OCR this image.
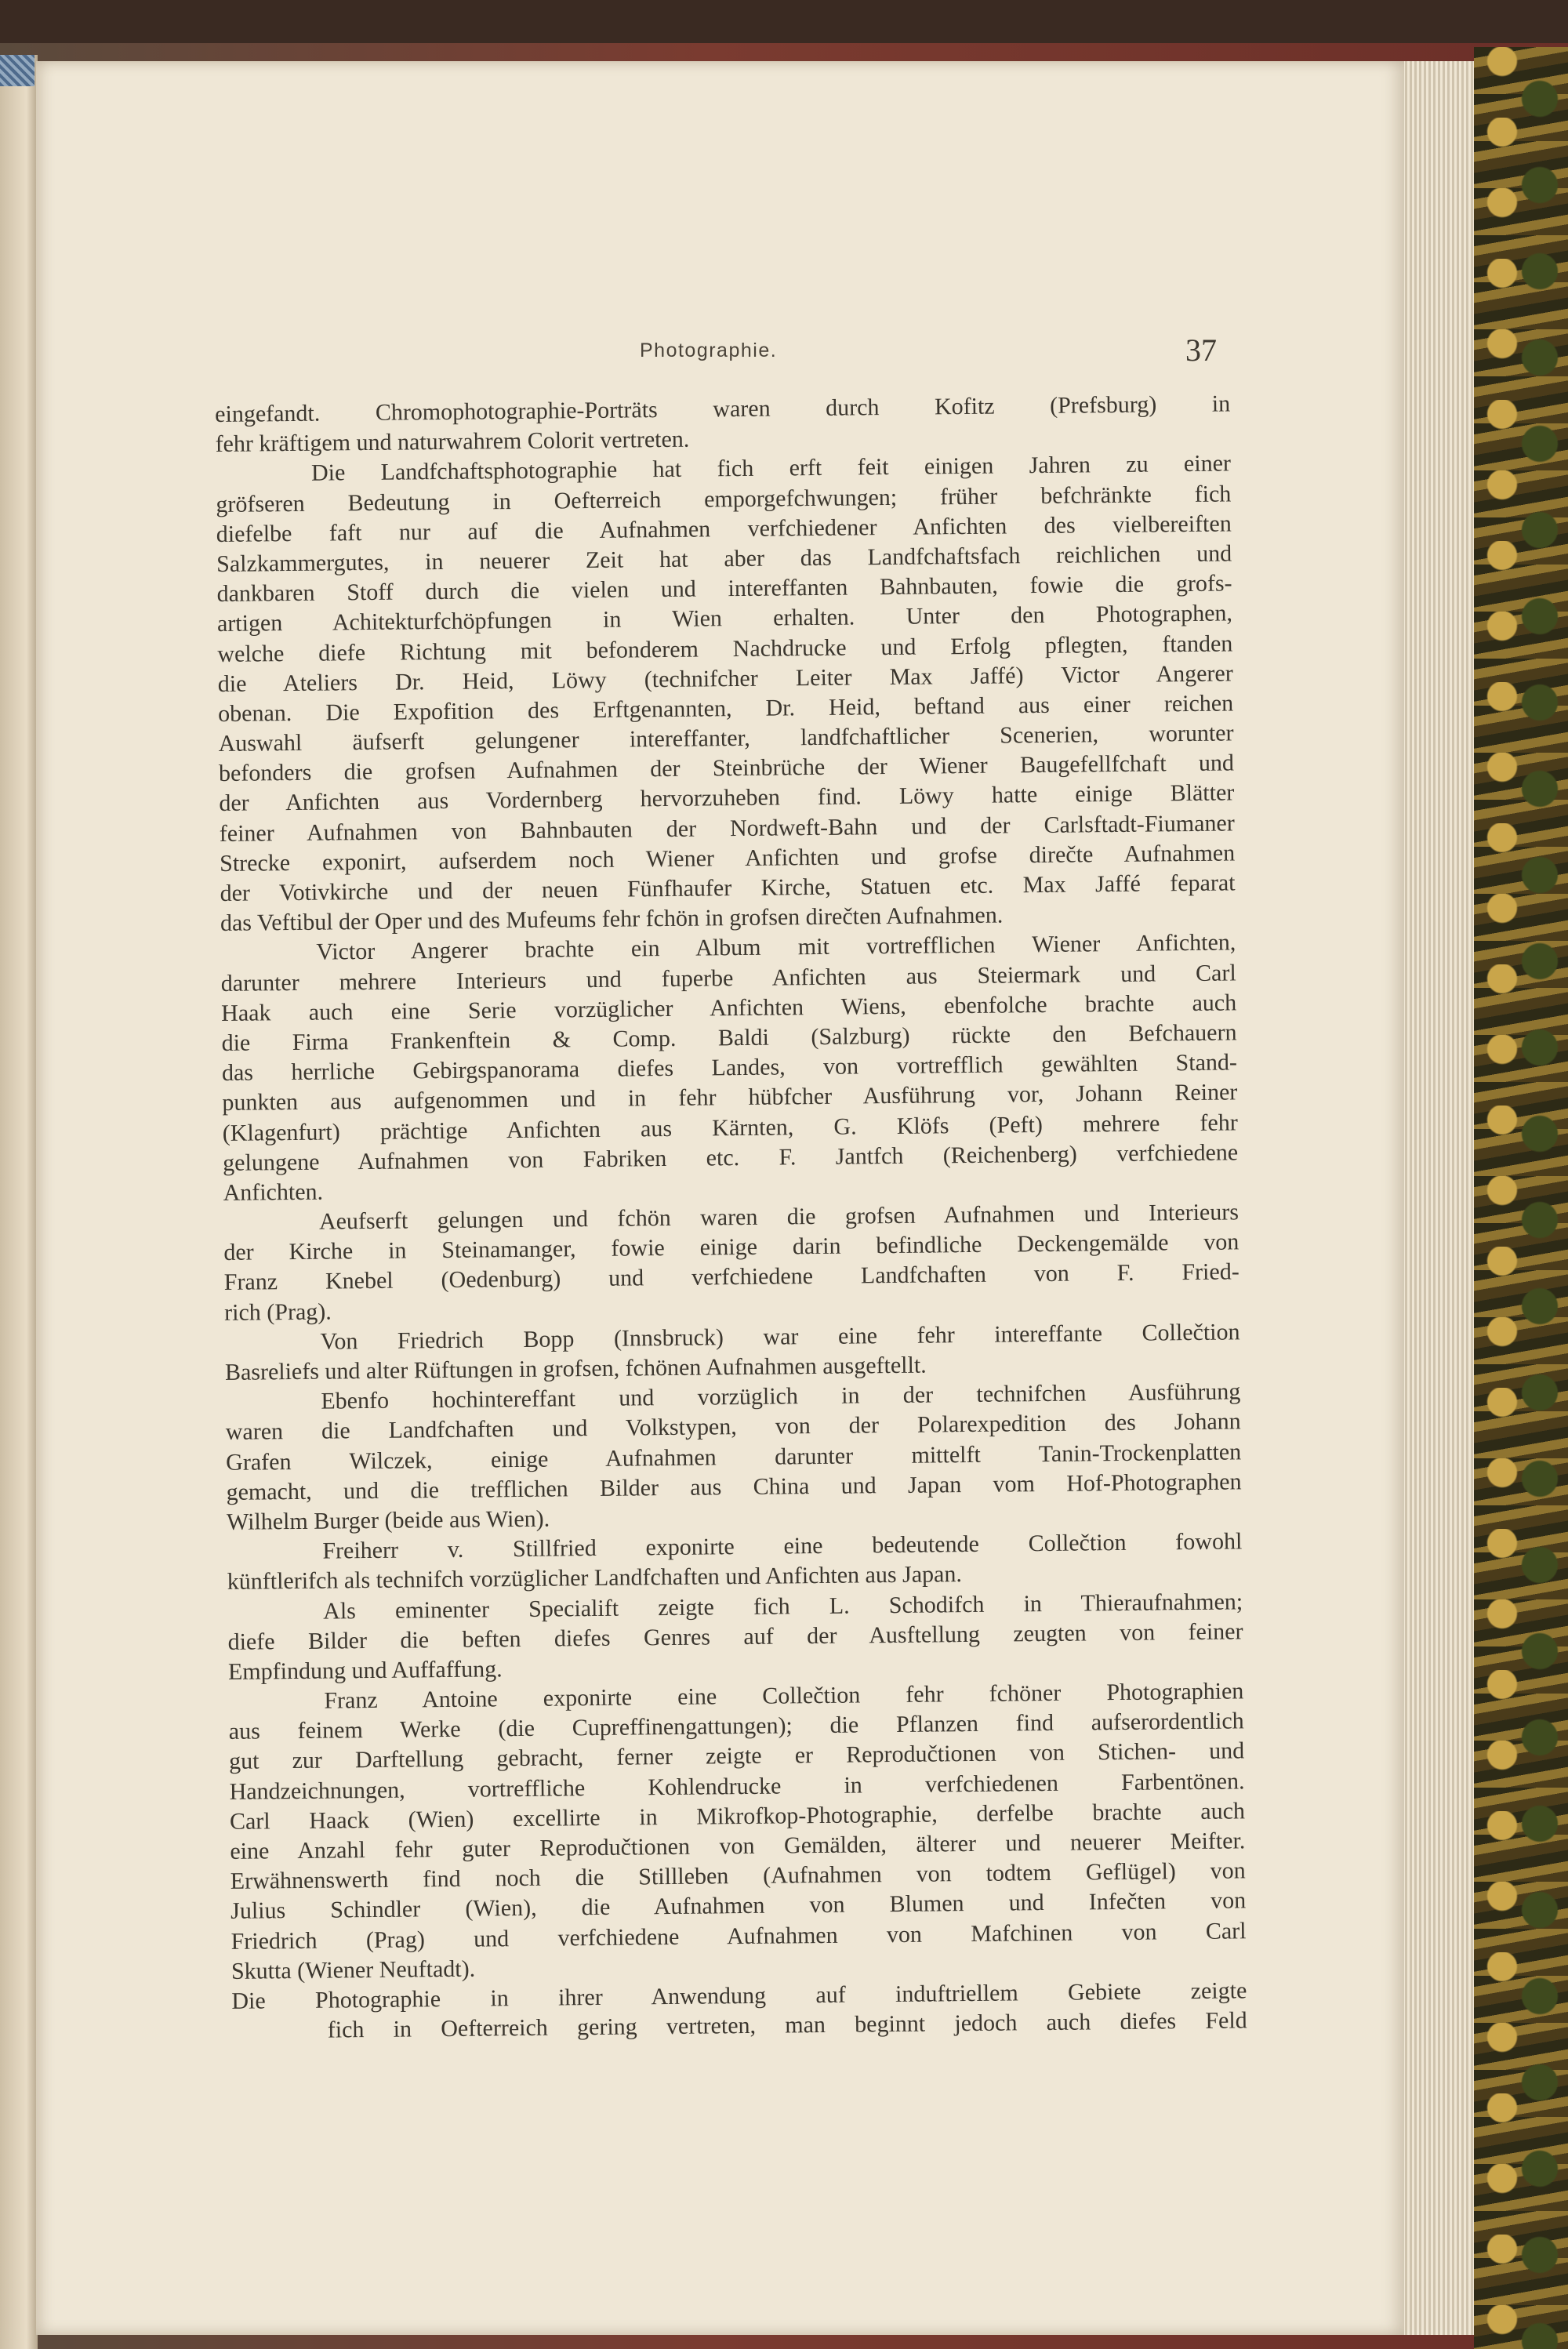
Photographie.	37
eingefandt. Chromophotographie-Porträts waren durch Kofitz (Prefsburg) in
fehr kräftigem und naturwahrem Colorit vertreten.
Die Landfchaftsphotographie hat fich erft feit einigen Jahren zu einer
gröfseren Bedeutung in Oefterreich emporgefchwungen; früher befchränkte fich
diefelbe faft nur auf die Aufnahmen verfchiedener Anfichten des vielbereiften
Salzkammergutes, in neuerer Zeit hat aber das Landfchaftsfach reichlichen und
dankbaren Stoff durch die vielen und intereffanten Bahnbauten, fowie die grofs-
artigen Achitekturfchöpfungen in Wien erhalten. Unter den Photographen,
welche diefe Richtung mit befonderem Nachdrucke und Erfolg pflegten, ftanden
die Ateliers Dr. Heid, Löwy (technifcher Leiter Max Jaffé) Victor Angerer
obenan. Die Expofition des Erftgenannten, Dr. Heid, beftand aus einer reichen
Auswahl äufserft gelungener intereffanter, landfchaftlicher Scenerien, worunter
befonders die grofsen Aufnahmen der Steinbrüche der Wiener Baugefellfchaft und
der Anfichten aus Vordernberg hervorzuheben find. Löwy hatte einige Blätter
feiner Aufnahmen von Bahnbauten der Nordweft-Bahn und der Carlsftadt-Fiumaner
Strecke exponirt, aufserdem noch Wiener Anfichten und grofse direčte Aufnahmen
der Votivkirche und der neuen Fünfhaufer Kirche, Statuen etc. Max Jaffé feparat
das Veftibul der Oper und des Mufeums fehr fchön in grofsen direčten Aufnahmen.
Victor Angerer brachte ein Album mit vortrefflichen Wiener Anfichten,
darunter mehrere Interieurs und fuperbe Anfichten aus Steiermark und Carl
Haak auch eine Serie vorzüglicher Anfichten Wiens, ebenfolche brachte auch
die Firma Frankenftein & Comp. Baldi (Salzburg) rückte den Befchauern
das herrliche Gebirgspanorama diefes Landes, von vortrefflich gewählten Stand-
punkten aus aufgenommen und in fehr hübfcher Ausführung vor, Johann Reiner
(Klagenfurt) prächtige Anfichten aus Kärnten, G. Klöfs (Peft) mehrere fehr
gelungene Aufnahmen von Fabriken etc. F. Jantfch (Reichenberg) verfchiedene
Anfichten.
Aeufserft gelungen und fchön waren die grofsen Aufnahmen und Interieurs
der Kirche in Steinamanger, fowie einige darin befindliche Deckengemälde von
Franz Knebel (Oedenburg) und verfchiedene Landfchaften von F. Fried-
rich (Prag).
Von Friedrich Bopp (Innsbruck) war eine fehr intereffante Collečtion
Basreliefs und alter Rüftungen in grofsen, fchönen Aufnahmen ausgeftellt.
Ebenfo hochintereffant und vorzüglich in der technifchen Ausführung
waren die Landfchaften und Volkstypen, von der Polarexpedition des Johann
Grafen Wilczek, einige Aufnahmen darunter mittelft Tanin-Trockenplatten
gemacht, und die trefflichen Bilder aus China und Japan vom Hof-Photographen
Wilhelm Burger (beide aus Wien).
Freiherr v. Stillfried exponirte eine bedeutende Collečtion fowohl
künftlerifch als technifch vorzüglicher Landfchaften und Anfichten aus Japan.
Als eminenter Specialift zeigte fich L. Schodifch in Thieraufnahmen;
diefe Bilder die beften diefes Genres auf der Ausftellung zeugten von feiner
Empfindung und Auffaffung.
Franz Antoine exponirte eine Collečtion fehr fchöner Photographien
aus feinem Werke (die Cupreffinengattungen); die Pflanzen find aufserordentlich
gut zur Darftellung gebracht, ferner zeigte er Reprodučtionen von Stichen- und
Handzeichnungen, vortreffliche Kohlendrucke in verfchiedenen Farbentönen.
Carl Haack (Wien) excellirte in Mikrofkop-Photographie, derfelbe brachte auch
eine Anzahl fehr guter Reprodučtionen von Gemälden, älterer und neuerer Meifter.
Erwähnenswerth find noch die Stillleben (Aufnahmen von todtem Geflügel) von
Julius Schindler (Wien), die Aufnahmen von Blumen und Infečten von
Friedrich (Prag) und verfchiedene Aufnahmen von Mafchinen von Carl
Skutta (Wiener Neuftadt).
Die Photographie in ihrer Anwendung auf induftriellem Gebiete zeigte
fich in Oefterreich gering vertreten, man beginnt jedoch auch diefes Feld
